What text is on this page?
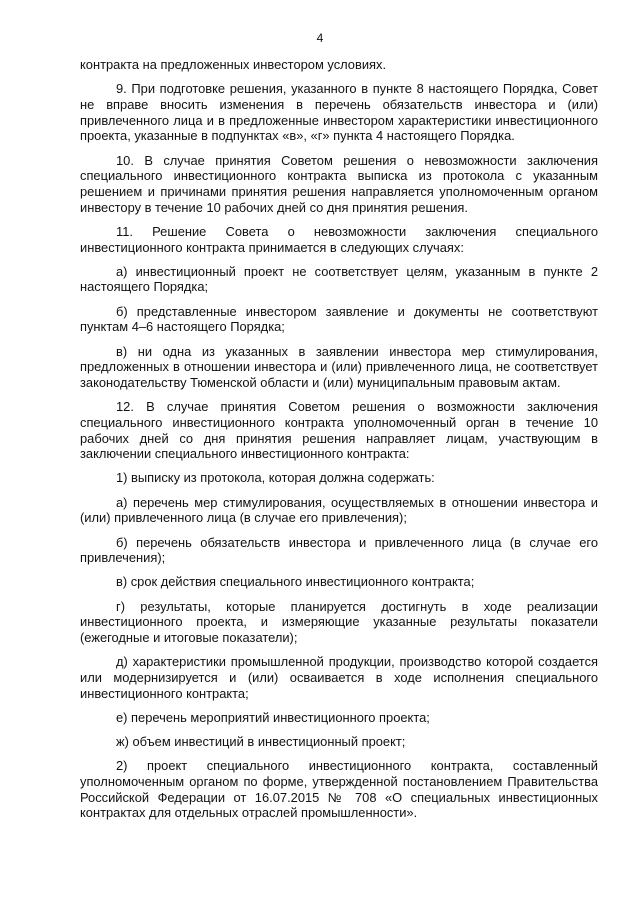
4

контракта на предложенных инвестором условиях.

9. При подготовке решения, указанного в пункте 8 настоящего Порядка, Совет не вправе вносить изменения в перечень обязательств инвестора и (или) привлеченного лица и в предложенные инвестором характеристики инвестиционного проекта, указанные в подпунктах «в», «г» пункта 4 настоящего Порядка.

10. В случае принятия Советом решения о невозможности заключения специального инвестиционного контракта выписка из протокола с указанным решением и причинами принятия решения направляется уполномоченным органом инвестору в течение 10 рабочих дней со дня принятия решения.

11. Решение Совета о невозможности заключения специального инвестиционного контракта принимается в следующих случаях:

а) инвестиционный проект не соответствует целям, указанным в пункте 2 настоящего Порядка;

б) представленные инвестором заявление и документы не соответствуют пунктам 4–6 настоящего Порядка;

в) ни одна из указанных в заявлении инвестора мер стимулирования, предложенных в отношении инвестора и (или) привлеченного лица, не соответствует законодательству Тюменской области и (или) муниципальным правовым актам.

12. В случае принятия Советом решения о возможности заключения специального инвестиционного контракта уполномоченный орган в течение 10 рабочих дней со дня принятия решения направляет лицам, участвующим в заключении специального инвестиционного контракта:

1) выписку из протокола, которая должна содержать:

а) перечень мер стимулирования, осуществляемых в отношении инвестора и (или) привлеченного лица (в случае его привлечения);

б) перечень обязательств инвестора и привлеченного лица (в случае его привлечения);

в) срок действия специального инвестиционного контракта;

г) результаты, которые планируется достигнуть в ходе реализации инвестиционного проекта, и измеряющие указанные результаты показатели (ежегодные и итоговые показатели);

д) характеристики промышленной продукции, производство которой создается или модернизируется и (или) осваивается в ходе исполнения специального инвестиционного контракта;

е) перечень мероприятий инвестиционного проекта;

ж) объем инвестиций в инвестиционный проект;

2) проект специального инвестиционного контракта, составленный уполномоченным органом по форме, утвержденной постановлением Правительства Российской Федерации от 16.07.2015 № 708 «О специальных инвестиционных контрактах для отдельных отраслей промышленности».
